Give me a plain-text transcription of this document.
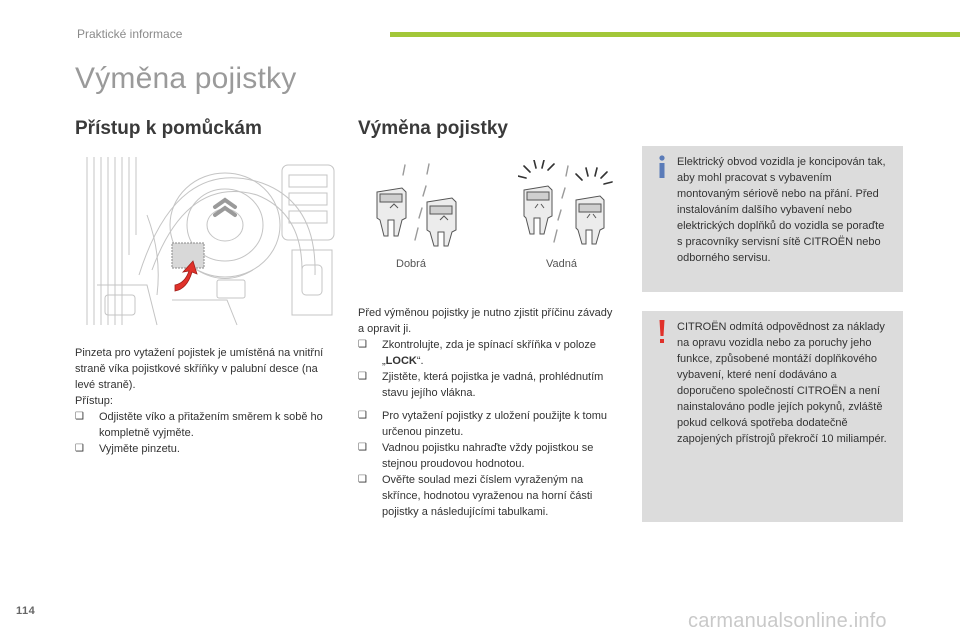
Praktické informace
Výměna pojistky
Přístup k pomůckám	Výměna pojistky
Dobrá	Vadná

Pinzeta pro vytažení pojistek je umístěná na vnitřní straně víka pojistkové skříňky v palubní desce (na levé straně).

Přístup:

❑ Odjistěte víko a přitažením směrem k sobě ho kompletně vyjměte.
❑ Vyjměte pinzetu.

Před výměnou pojistky je nutno zjistit příčinu závady a opravit ji.

❑ Zkontrolujte, zda je spínací skříňka v poloze „LOCK“.
❑ Zjistěte, která pojistka je vadná, prohlédnutím stavu jejího vlákna.
❑ Pro vytažení pojistky z uložení použijte k tomu určenou pinzetu.
❑ Vadnou pojistku nahraďte vždy pojistkou se stejnou proudovou hodnotou.
❑ Ověřte soulad mezi číslem vyraženým na skřínce, hodnotou vyraženou na horní části pojistky a následujícími tabulkami.
Elektrický obvod vozidla je koncipován tak, aby mohl pracovat s vybavením montovaným sériově nebo na přání. Před instalováním dalšího vybavení nebo elektrických doplňků do vozidla se poraďte s pracovníky servisní sítě CITROËN nebo odborného servisu.
CITROËN odmítá odpovědnost za náklady na opravu vozidla nebo za poruchy jeho funkce, způsobené montáží doplňkového vybavení, které není dodáváno a doporučeno společností CITROËN a není nainstalováno podle jejích pokynů, zvláště pokud celková spotřeba dodatečně zapojených přístrojů překročí 10 miliampér.
114	carmanualsonline.info
